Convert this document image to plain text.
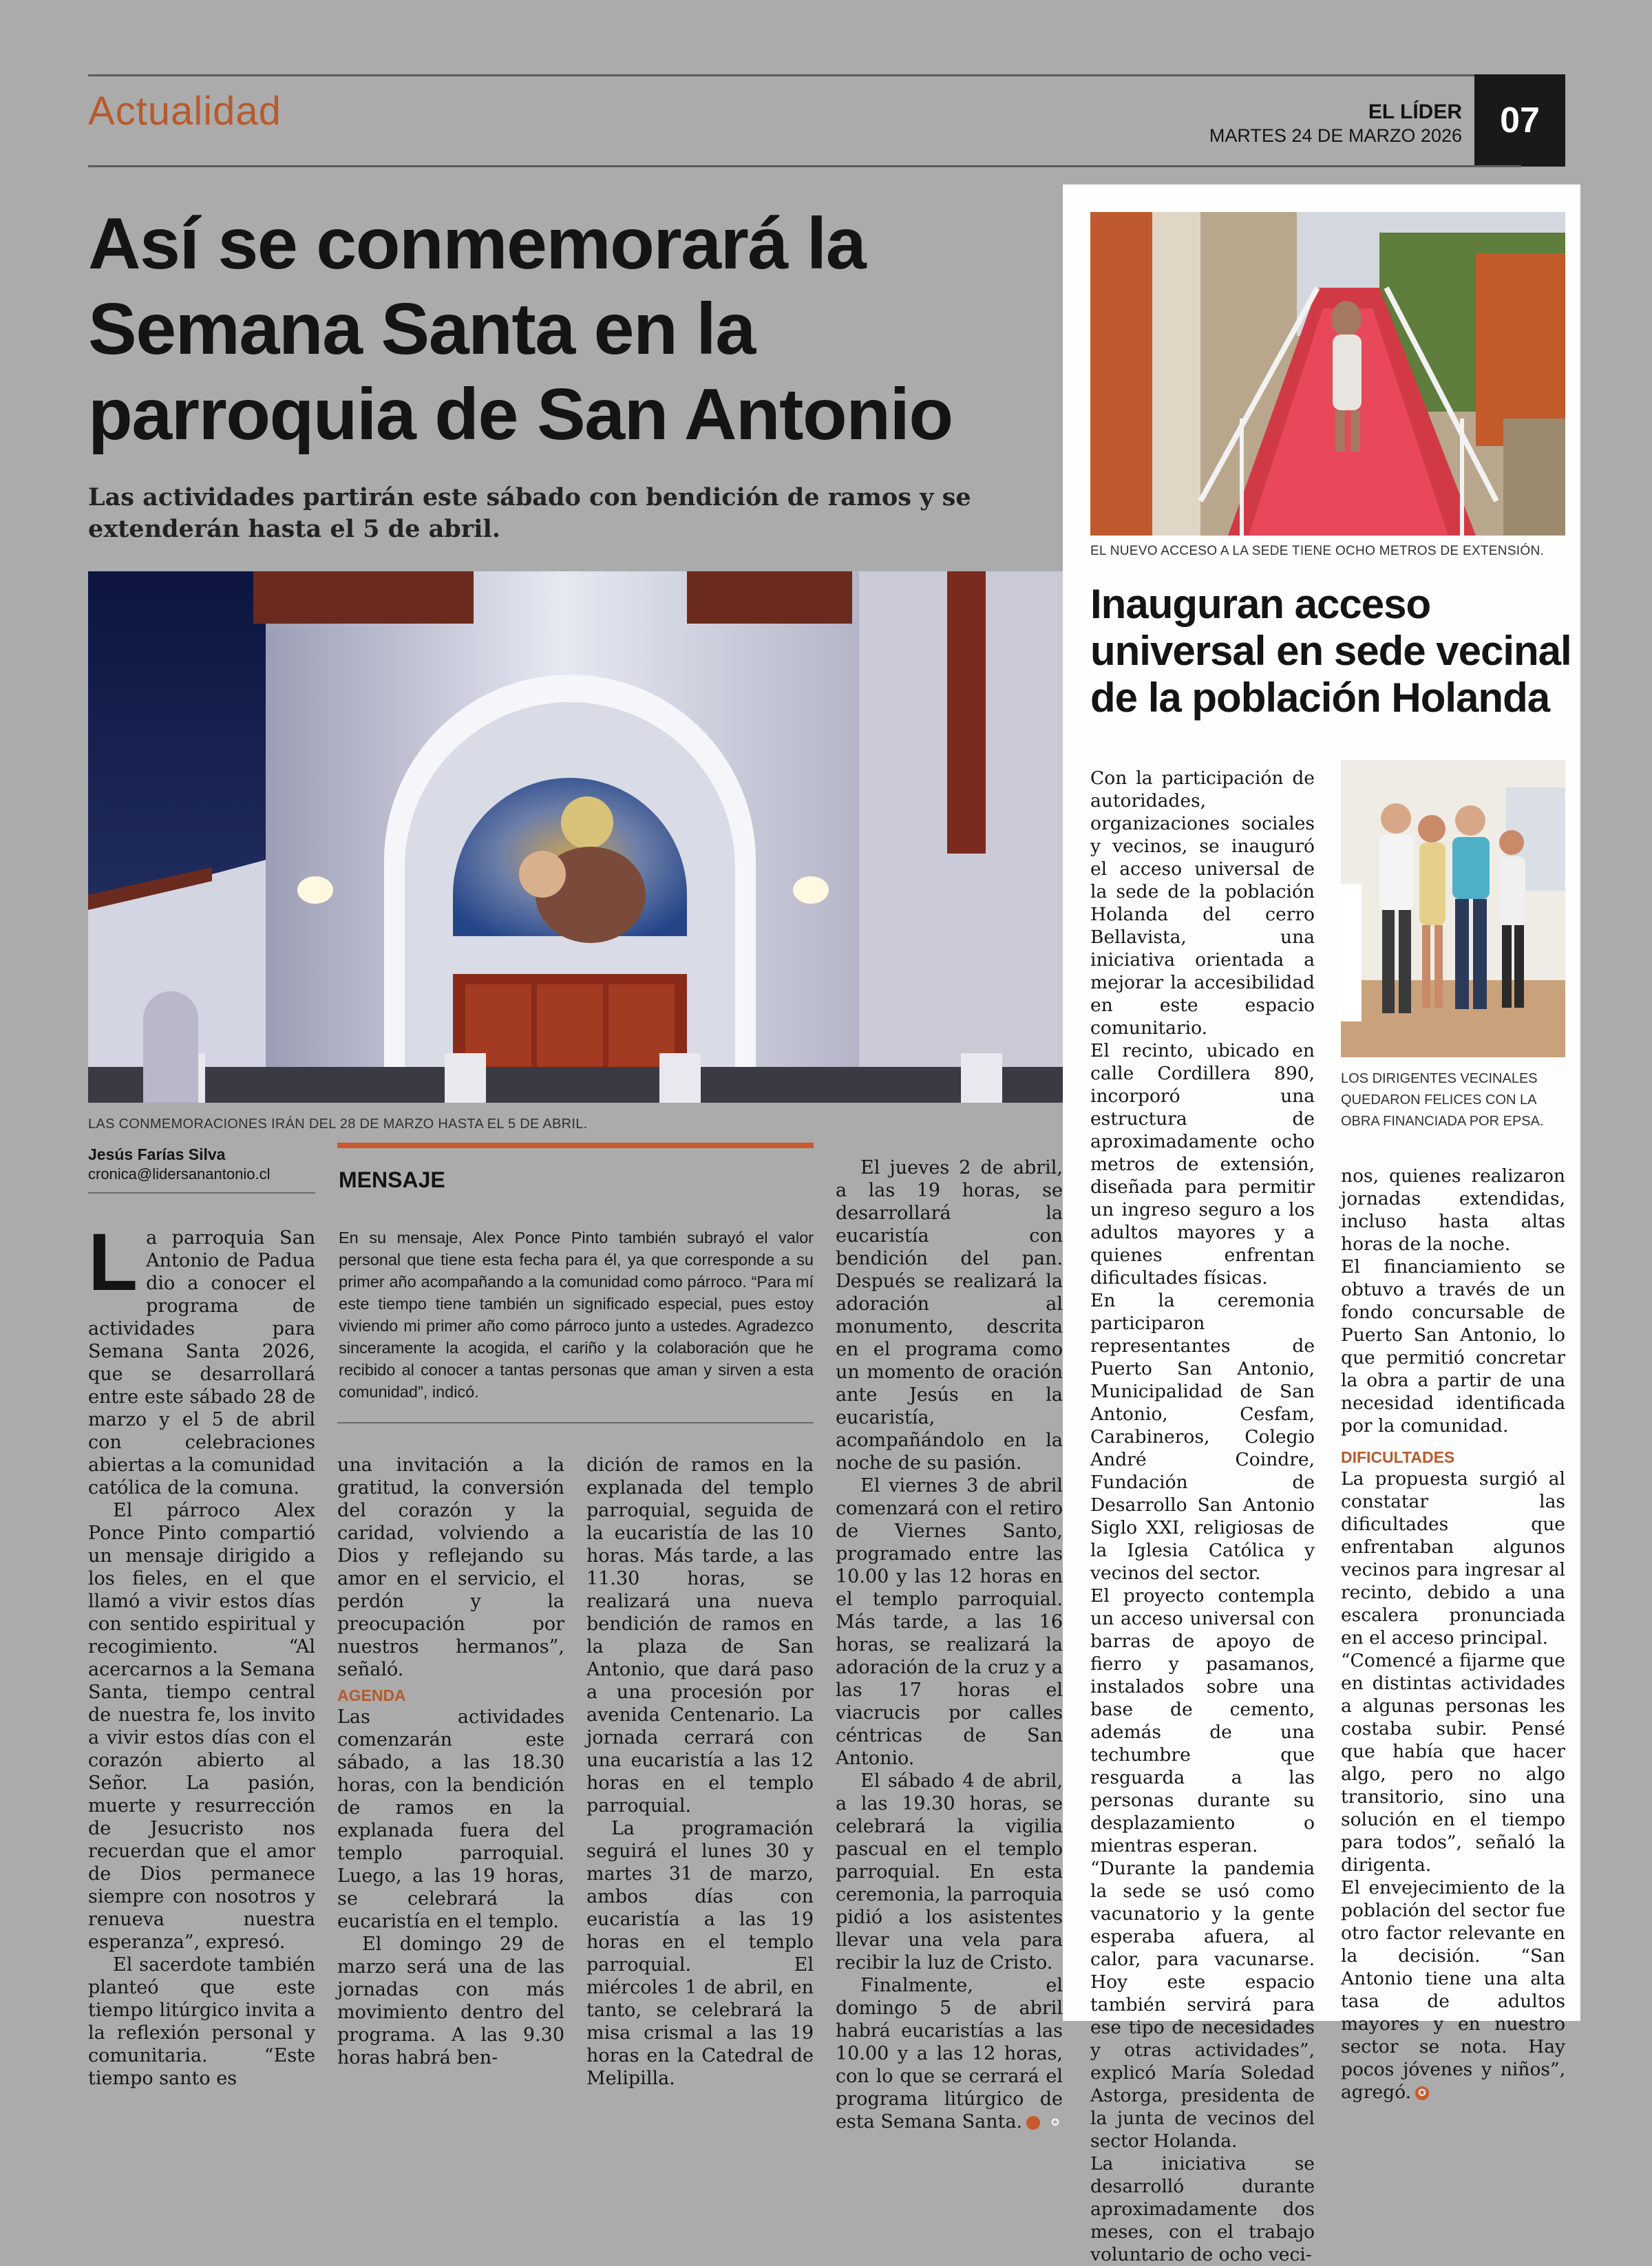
Actualidad	EL LÍDER
MARTES 24 DE MARZO 2026	07
Así se conmemorará la Semana Santa en la parroquia de San Antonio
Las actividades partirán este sábado con bendición de ramos y se extenderán hasta el 5 de abril.
LAS CONMEMORACIONES IRÁN DEL 28 DE MARZO HASTA EL 5 DE ABRIL.
Jesús Farías Silva
cronica@lidersanantonio.cl

La parroquia San Antonio de Padua dio a conocer el programa de actividades para Semana Santa 2026, que se desarrollará entre este sábado 28 de marzo y el 5 de abril con celebraciones abiertas a la comunidad católica de la comuna.

El párroco Alex Ponce Pinto compartió un mensaje dirigido a los fieles, en el que llamó a vivir estos días con sentido espiritual y recogimiento. “Al acercarnos a la Semana Santa, tiempo central de nuestra fe, los invito a vivir estos días con el corazón abierto al Señor. La pasión, muerte y resurrección de Jesucristo nos recuerdan que el amor de Dios permanece siempre con nosotros y renueva nuestra esperanza”, expresó.

El sacerdote también planteó que este tiempo litúrgico invita a la reflexión personal y comunitaria. “Este tiempo santo es

MENSAJE
En su mensaje, Alex Ponce Pinto también subrayó el valor personal que tiene esta fecha para él, ya que corresponde a su primer año acompañando a la comunidad como párroco. “Para mí este tiempo tiene también un significado especial, pues estoy viviendo mi primer año como párroco junto a ustedes. Agradezco sinceramente la acogida, el cariño y la colaboración que he recibido al conocer a tantas personas que aman y sirven a esta comunidad”, indicó.

una invitación a la gratitud, la conversión del corazón y la caridad, volviendo a Dios y reflejando su amor en el servicio, el perdón y la preocupación por nuestros hermanos”, señaló.

AGENDA

Las actividades comenzarán este sábado, a las 18.30 horas, con la bendición de ramos en la explanada fuera del templo parroquial. Luego, a las 19 horas, se celebrará la eucaristía en el templo.

El domingo 29 de marzo será una de las jornadas con más movimiento dentro del programa. A las 9.30 horas habrá ben-

dición de ramos en la explanada del templo parroquial, seguida de la eucaristía de las 10 horas. Más tarde, a las 11.30 horas, se realizará una nueva bendición de ramos en la plaza de San Antonio, que dará paso a una procesión por avenida Centenario. La jornada cerrará con una eucaristía a las 12 horas en el templo parroquial.

La programación seguirá el lunes 30 y martes 31 de marzo, ambos días con eucaristía a las 19 horas en el templo parroquial. El miércoles 1 de abril, en tanto, se celebrará la misa crismal a las 19 horas en la Catedral de Melipilla.

El jueves 2 de abril, a las 19 horas, se desarrollará la eucaristía con bendición del pan. Después se realizará la adoración al monumento, descrita en el programa como un momento de oración ante Jesús en la eucaristía, acompañándolo en la noche de su pasión.

El viernes 3 de abril comenzará con el retiro de Viernes Santo, programado entre las 10.00 y las 12 horas en el templo parroquial. Más tarde, a las 16 horas, se realizará la adoración de la cruz y a las 17 horas el viacrucis por calles céntricas de San Antonio.

El sábado 4 de abril, a las 19.30 horas, se celebrará la vigilia pascual en el templo parroquial. En esta ceremonia, la parroquia pidió a los asistentes llevar una vela para recibir la luz de Cristo.

Finalmente, el domingo 5 de abril habrá eucaristías a las 10.00 y a las 12 horas, con lo que se cerrará el programa litúrgico de esta Semana Santa.	✪

EL NUEVO ACCESO A LA SEDE TIENE OCHO METROS DE EXTENSIÓN.
Inauguran acceso universal en sede vecinal de la población Holanda

Con la participación de autoridades, organizaciones sociales y vecinos, se inauguró el acceso universal de la sede de la población Holanda del cerro Bellavista, una iniciativa orientada a mejorar la accesibilidad en este espacio comunitario.

El recinto, ubicado en calle Cordillera 890, incorporó una estructura de aproximadamente ocho metros de extensión, diseñada para permitir un ingreso seguro a los adultos mayores y a quienes enfrentan dificultades físicas.

En la ceremonia participaron representantes de Puerto San Antonio, Municipalidad de San Antonio, Cesfam, Carabineros, Colegio André Coindre, Fundación de Desarrollo San Antonio Siglo XXI, religiosas de la Iglesia Católica y vecinos del sector.

El proyecto contempla un acceso universal con barras de apoyo de fierro y pasamanos, instalados sobre una base de cemento, además de una techumbre que resguarda a las personas durante su desplazamiento o mientras esperan.

“Durante la pandemia la sede se usó como vacunatorio y la gente esperaba afuera, al calor, para vacunarse. Hoy este espacio también servirá para ese tipo de necesidades y otras actividades”, explicó María Soledad Astorga, presidenta de la junta de vecinos del sector Holanda.

La iniciativa se desarrolló durante aproximadamente dos meses, con el trabajo voluntario de ocho veci-

LOS DIRIGENTES VECINALES QUEDARON FELICES CON LA OBRA FINANCIADA POR EPSA.

nos, quienes realizaron jornadas extendidas, incluso hasta altas horas de la noche.

El financiamiento se obtuvo a través de un fondo concursable de Puerto San Antonio, lo que permitió concretar la obra a partir de una necesidad identificada por la comunidad.

DIFICULTADES

La propuesta surgió al constatar las dificultades que enfrentaban algunos vecinos para ingresar al recinto, debido a una escalera pronunciada en el acceso principal.

“Comencé a fijarme que en distintas actividades a algunas personas les costaba subir. Pensé que había que hacer algo, pero no algo transitorio, sino una solución en el tiempo para todos”, señaló la dirigenta.

El envejecimiento de la población del sector fue otro factor relevante en la decisión. “San Antonio tiene una alta tasa de adultos mayores y en nuestro sector se nota. Hay pocos jóvenes y niños”, agregó. ✪
